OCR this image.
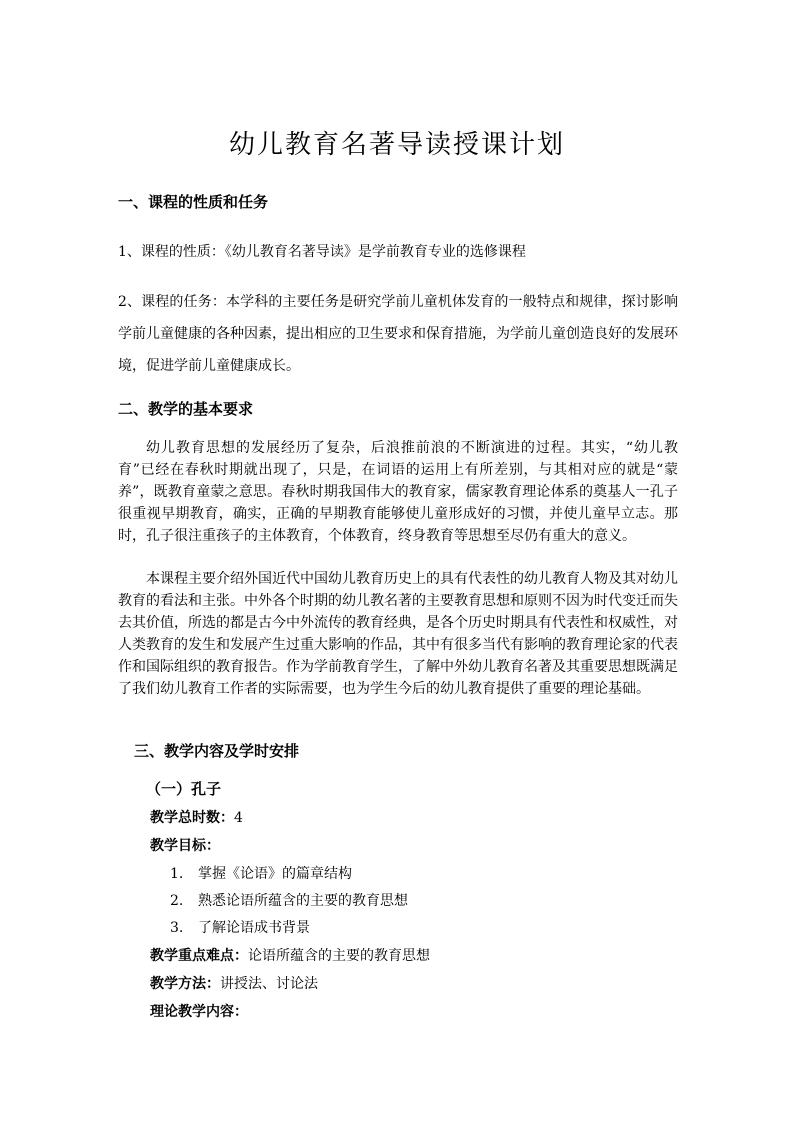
幼儿教育名著导读授课计划
一、课程的性质和任务
1、课程的性质：《幼儿教育名著导读》是学前教育专业的选修课程
2、课程的任务：本学科的主要任务是研究学前儿童机体发育的一般特点和规律，探讨影响学前儿童健康的各种因素，提出相应的卫生要求和保育措施，为学前儿童创造良好的发展环境，促进学前儿童健康成长。
二、教学的基本要求
幼儿教育思想的发展经历了复杂，后浪推前浪的不断演进的过程。其实，“幼儿教育”已经在春秋时期就出现了，只是，在词语的运用上有所差别，与其相对应的就是“蒙养”，既教育童蒙之意思。春秋时期我国伟大的教育家，儒家教育理论体系的奠基人一孔子很重视早期教育，确实，正确的早期教育能够使儿童形成好的习惯，并使儿童早立志。那时，孔子很注重孩子的主体教育，个体教育，终身教育等思想至尽仍有重大的意义。
本课程主要介绍外国近代中国幼儿教育历史上的具有代表性的幼儿教育人物及其对幼儿教育的看法和主张。中外各个时期的幼儿教名著的主要教育思想和原则不因为时代变迁而失去其价值，所选的都是古今中外流传的教育经典，是各个历史时期具有代表性和权威性，对人类教育的发生和发展产生过重大影响的作品，其中有很多当代有影响的教育理论家的代表作和国际组织的教育报告。作为学前教育学生，了解中外幼儿教育名著及其重要思想既满足了我们幼儿教育工作者的实际需要，也为学生今后的幼儿教育提供了重要的理论基础。
三、教学内容及学时安排
（一）孔子
教学总时数：4
教学目标：
1. 掌握《论语》的篇章结构
2. 熟悉论语所蕴含的主要的教育思想
3. 了解论语成书背景
教学重点难点：论语所蕴含的主要的教育思想
教学方法：讲授法、讨论法
理论教学内容：
